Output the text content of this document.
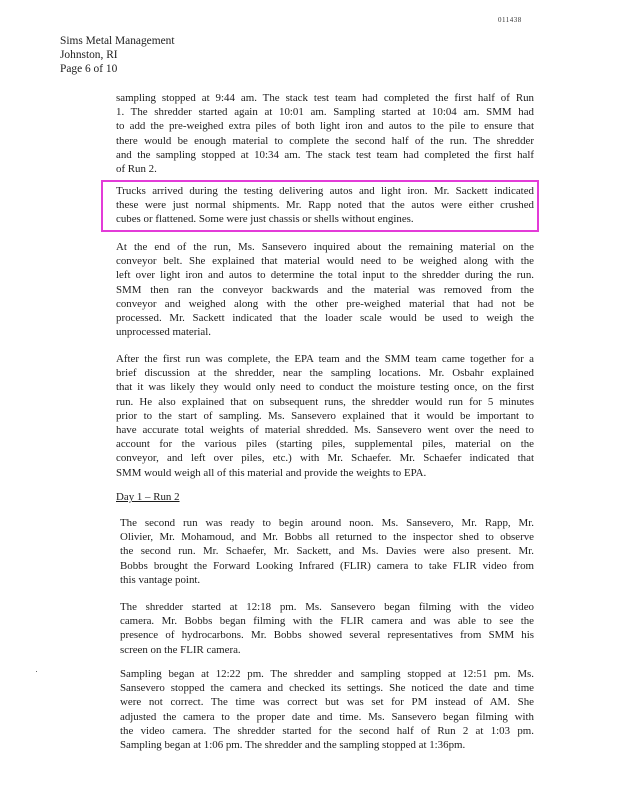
011438
Sims Metal Management
Johnston, RI
Page 6 of 10
sampling stopped at 9:44 am. The stack test team had completed the first half of Run
1. The shredder started again at 10:01 am. Sampling started at 10:04 am. SMM had
to add the pre-weighed extra piles of both light iron and autos to the pile to ensure that
there would be enough material to complete the second half of the run. The shredder
and the sampling stopped at 10:34 am. The stack test team had completed the first half
of Run 2.
Trucks arrived during the testing delivering autos and light iron. Mr. Sackett indicated
these were just normal shipments. Mr. Rapp noted that the autos were either crushed
cubes or flattened. Some were just chassis or shells without engines.
At the end of the run, Ms. Sansevero inquired about the remaining material on the
conveyor belt. She explained that material would need to be weighed along with the
left over light iron and autos to determine the total input to the shredder during the run.
SMM then ran the conveyor backwards and the material was removed from the
conveyor and weighed along with the other pre-weighed material that had not be
processed. Mr. Sackett indicated that the loader scale would be used to weigh the
unprocessed material.
After the first run was complete, the EPA team and the SMM team came together for a
brief discussion at the shredder, near the sampling locations. Mr. Osbahr explained
that it was likely they would only need to conduct the moisture testing once, on the first
run. He also explained that on subsequent runs, the shredder would run for 5 minutes
prior to the start of sampling. Ms. Sansevero explained that it would be important to
have accurate total weights of material shredded. Ms. Sansevero went over the need to
account for the various piles (starting piles, supplemental piles, material on the
conveyor, and left over piles, etc.) with Mr. Schaefer. Mr. Schaefer indicated that
SMM would weigh all of this material and provide the weights to EPA.
Day 1 – Run 2
The second run was ready to begin around noon. Ms. Sansevero, Mr. Rapp, Mr.
Olivier, Mr. Mohamoud, and Mr. Bobbs all returned to the inspector shed to observe
the second run. Mr. Schaefer, Mr. Sackett, and Ms. Davies were also present. Mr.
Bobbs brought the Forward Looking Infrared (FLIR) camera to take FLIR video from
this vantage point.
The shredder started at 12:18 pm. Ms. Sansevero began filming with the video
camera. Mr. Bobbs began filming with the FLIR camera and was able to see the
presence of hydrocarbons. Mr. Bobbs showed several representatives from SMM his
screen on the FLIR camera.
Sampling began at 12:22 pm. The shredder and sampling stopped at 12:51 pm. Ms.
Sansevero stopped the camera and checked its settings. She noticed the date and time
were not correct. The time was correct but was set for PM instead of AM. She
adjusted the camera to the proper date and time. Ms. Sansevero began filming with
the video camera. The shredder started for the second half of Run 2 at 1:03 pm.
Sampling began at 1:06 pm. The shredder and the sampling stopped at 1:36pm.
